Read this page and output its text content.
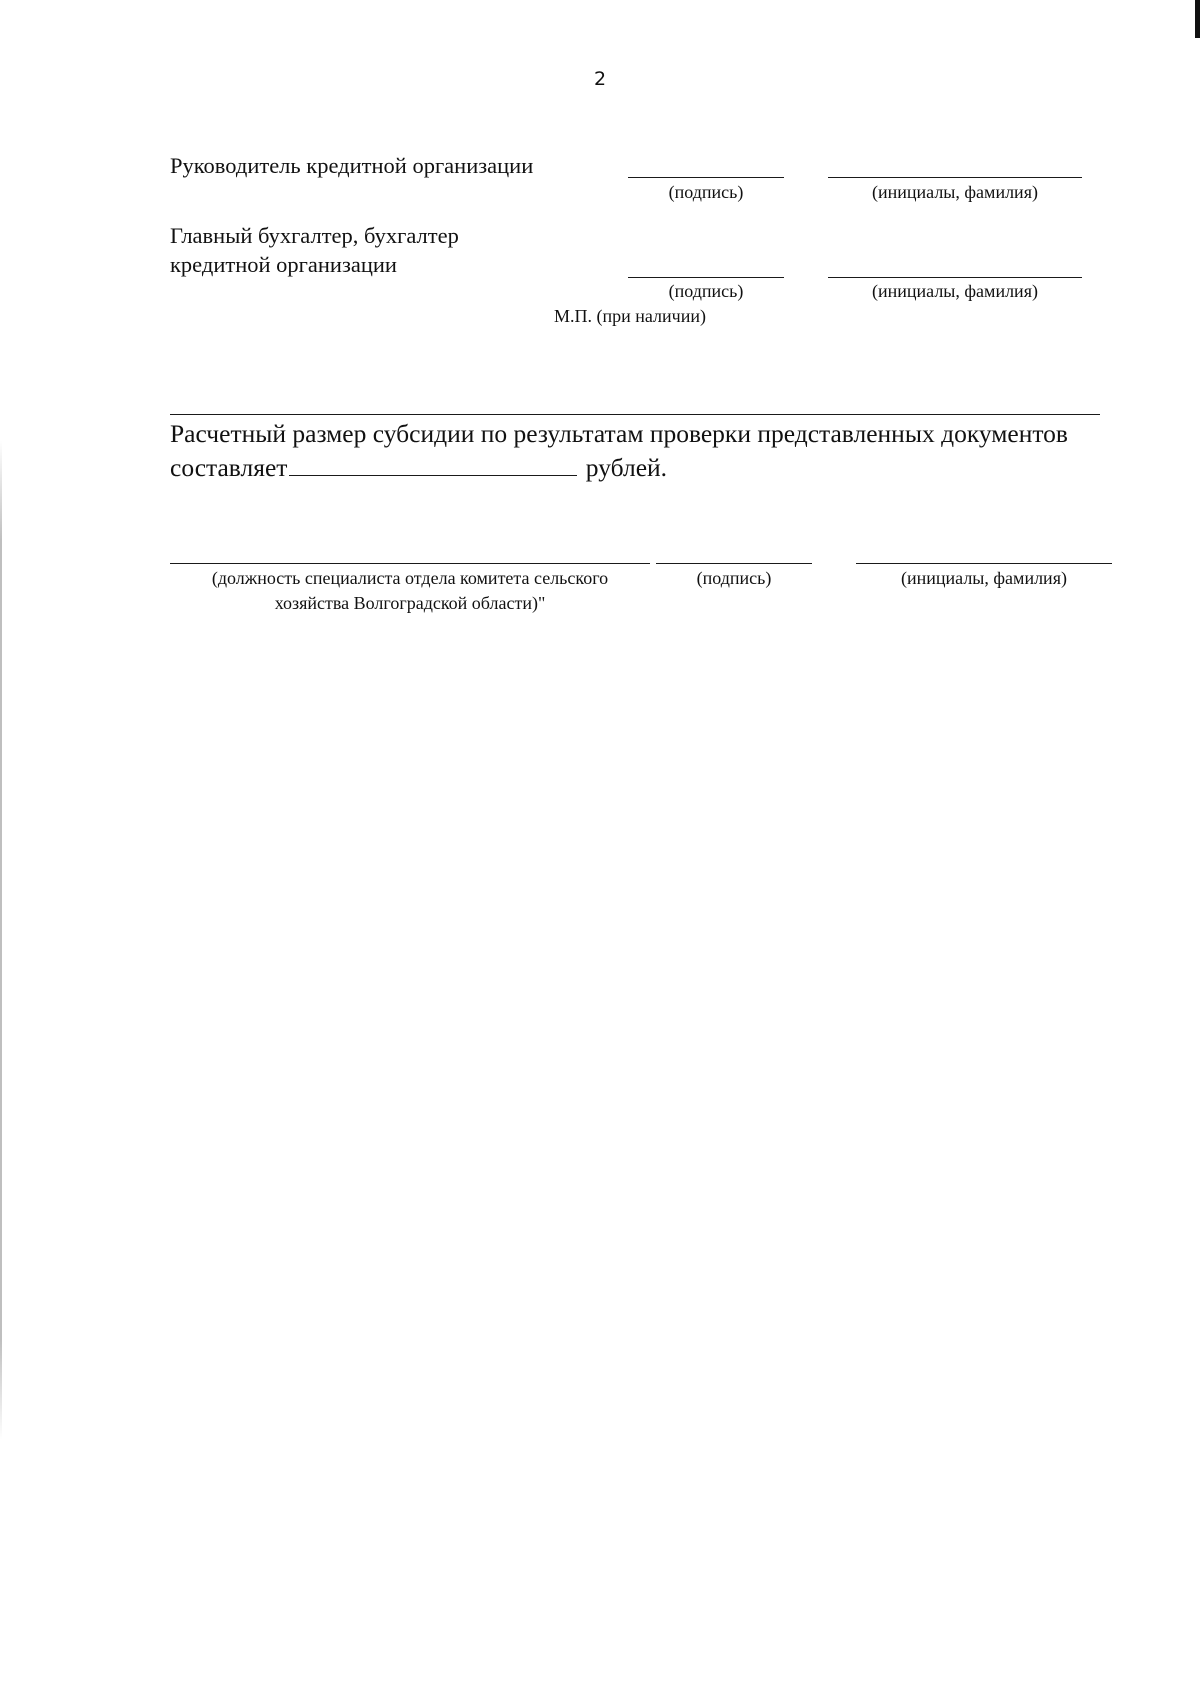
2
Руководитель кредитной организации
(подпись)	(инициалы, фамилия)
Главный бухгалтер, бухгалтер
кредитной организации
(подпись)	(инициалы, фамилия)
М.П. (при наличии)
Расчетный размер субсидии по результатам проверки представленных документов
составляет	рублей.
(должность специалиста отдела комитета сельского
хозяйства Волгоградской области)"
(подпись)	(инициалы, фамилия)
